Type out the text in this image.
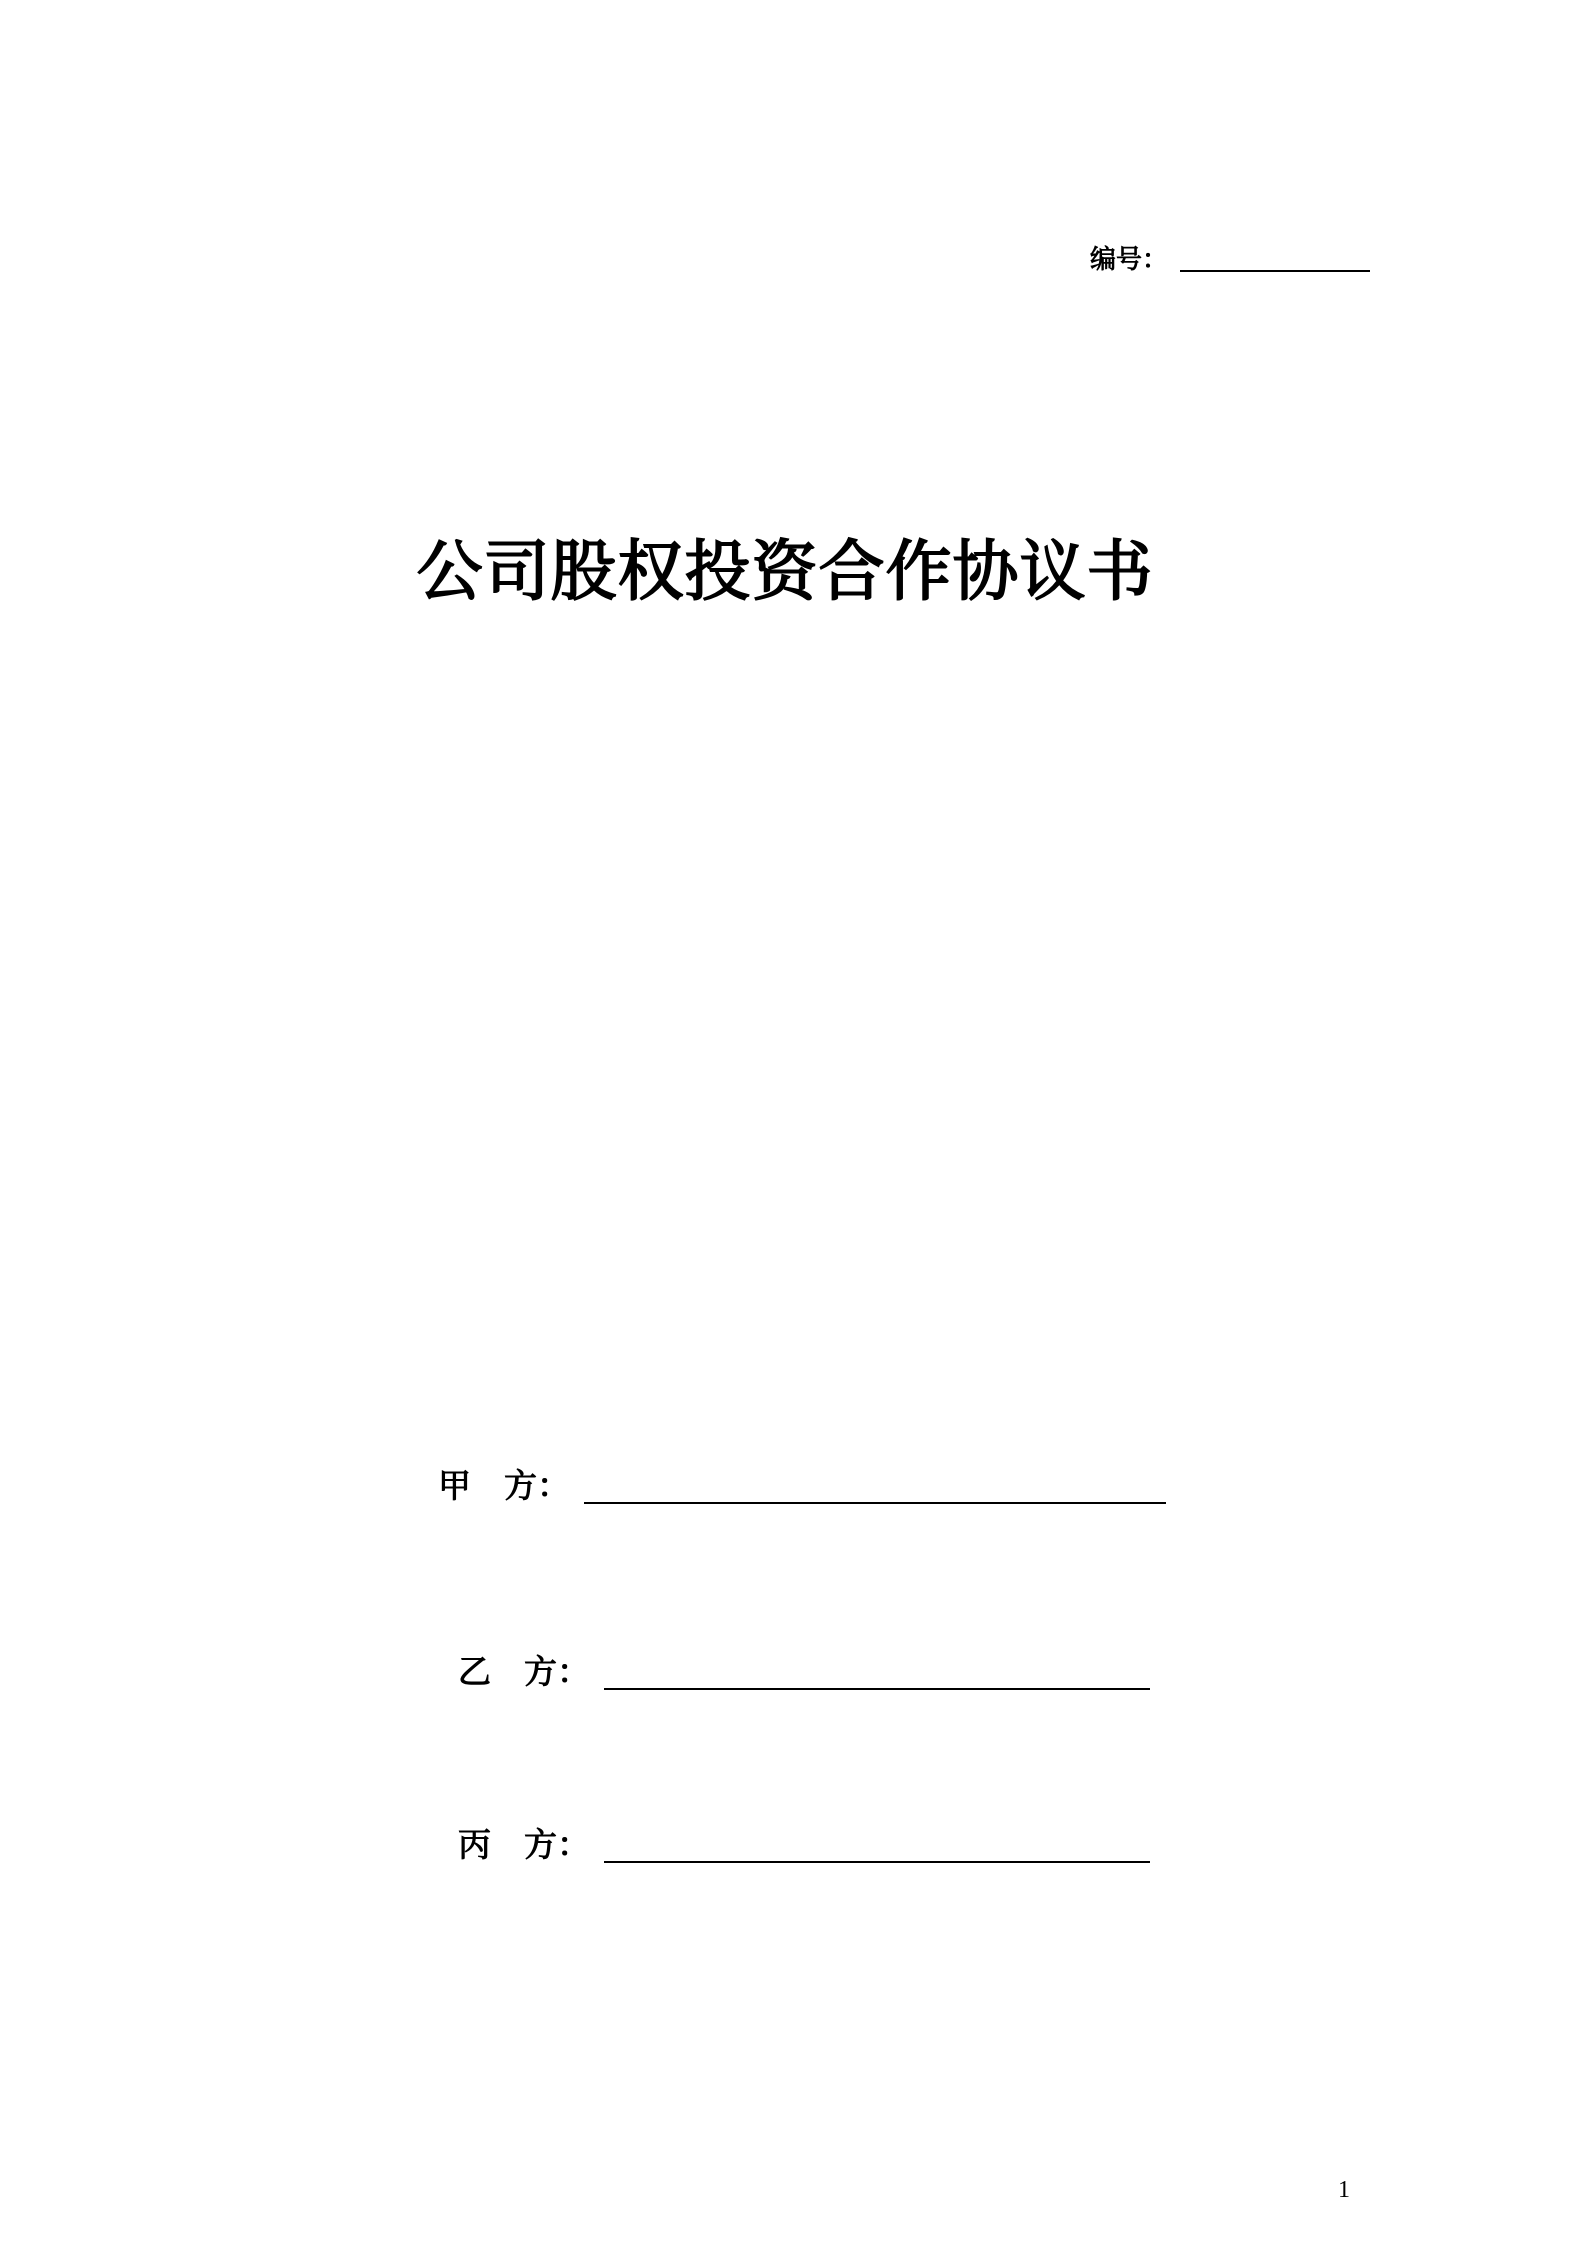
编号：
公司股权投资合作协议书
甲　方：
乙　方：
丙　方：
1
